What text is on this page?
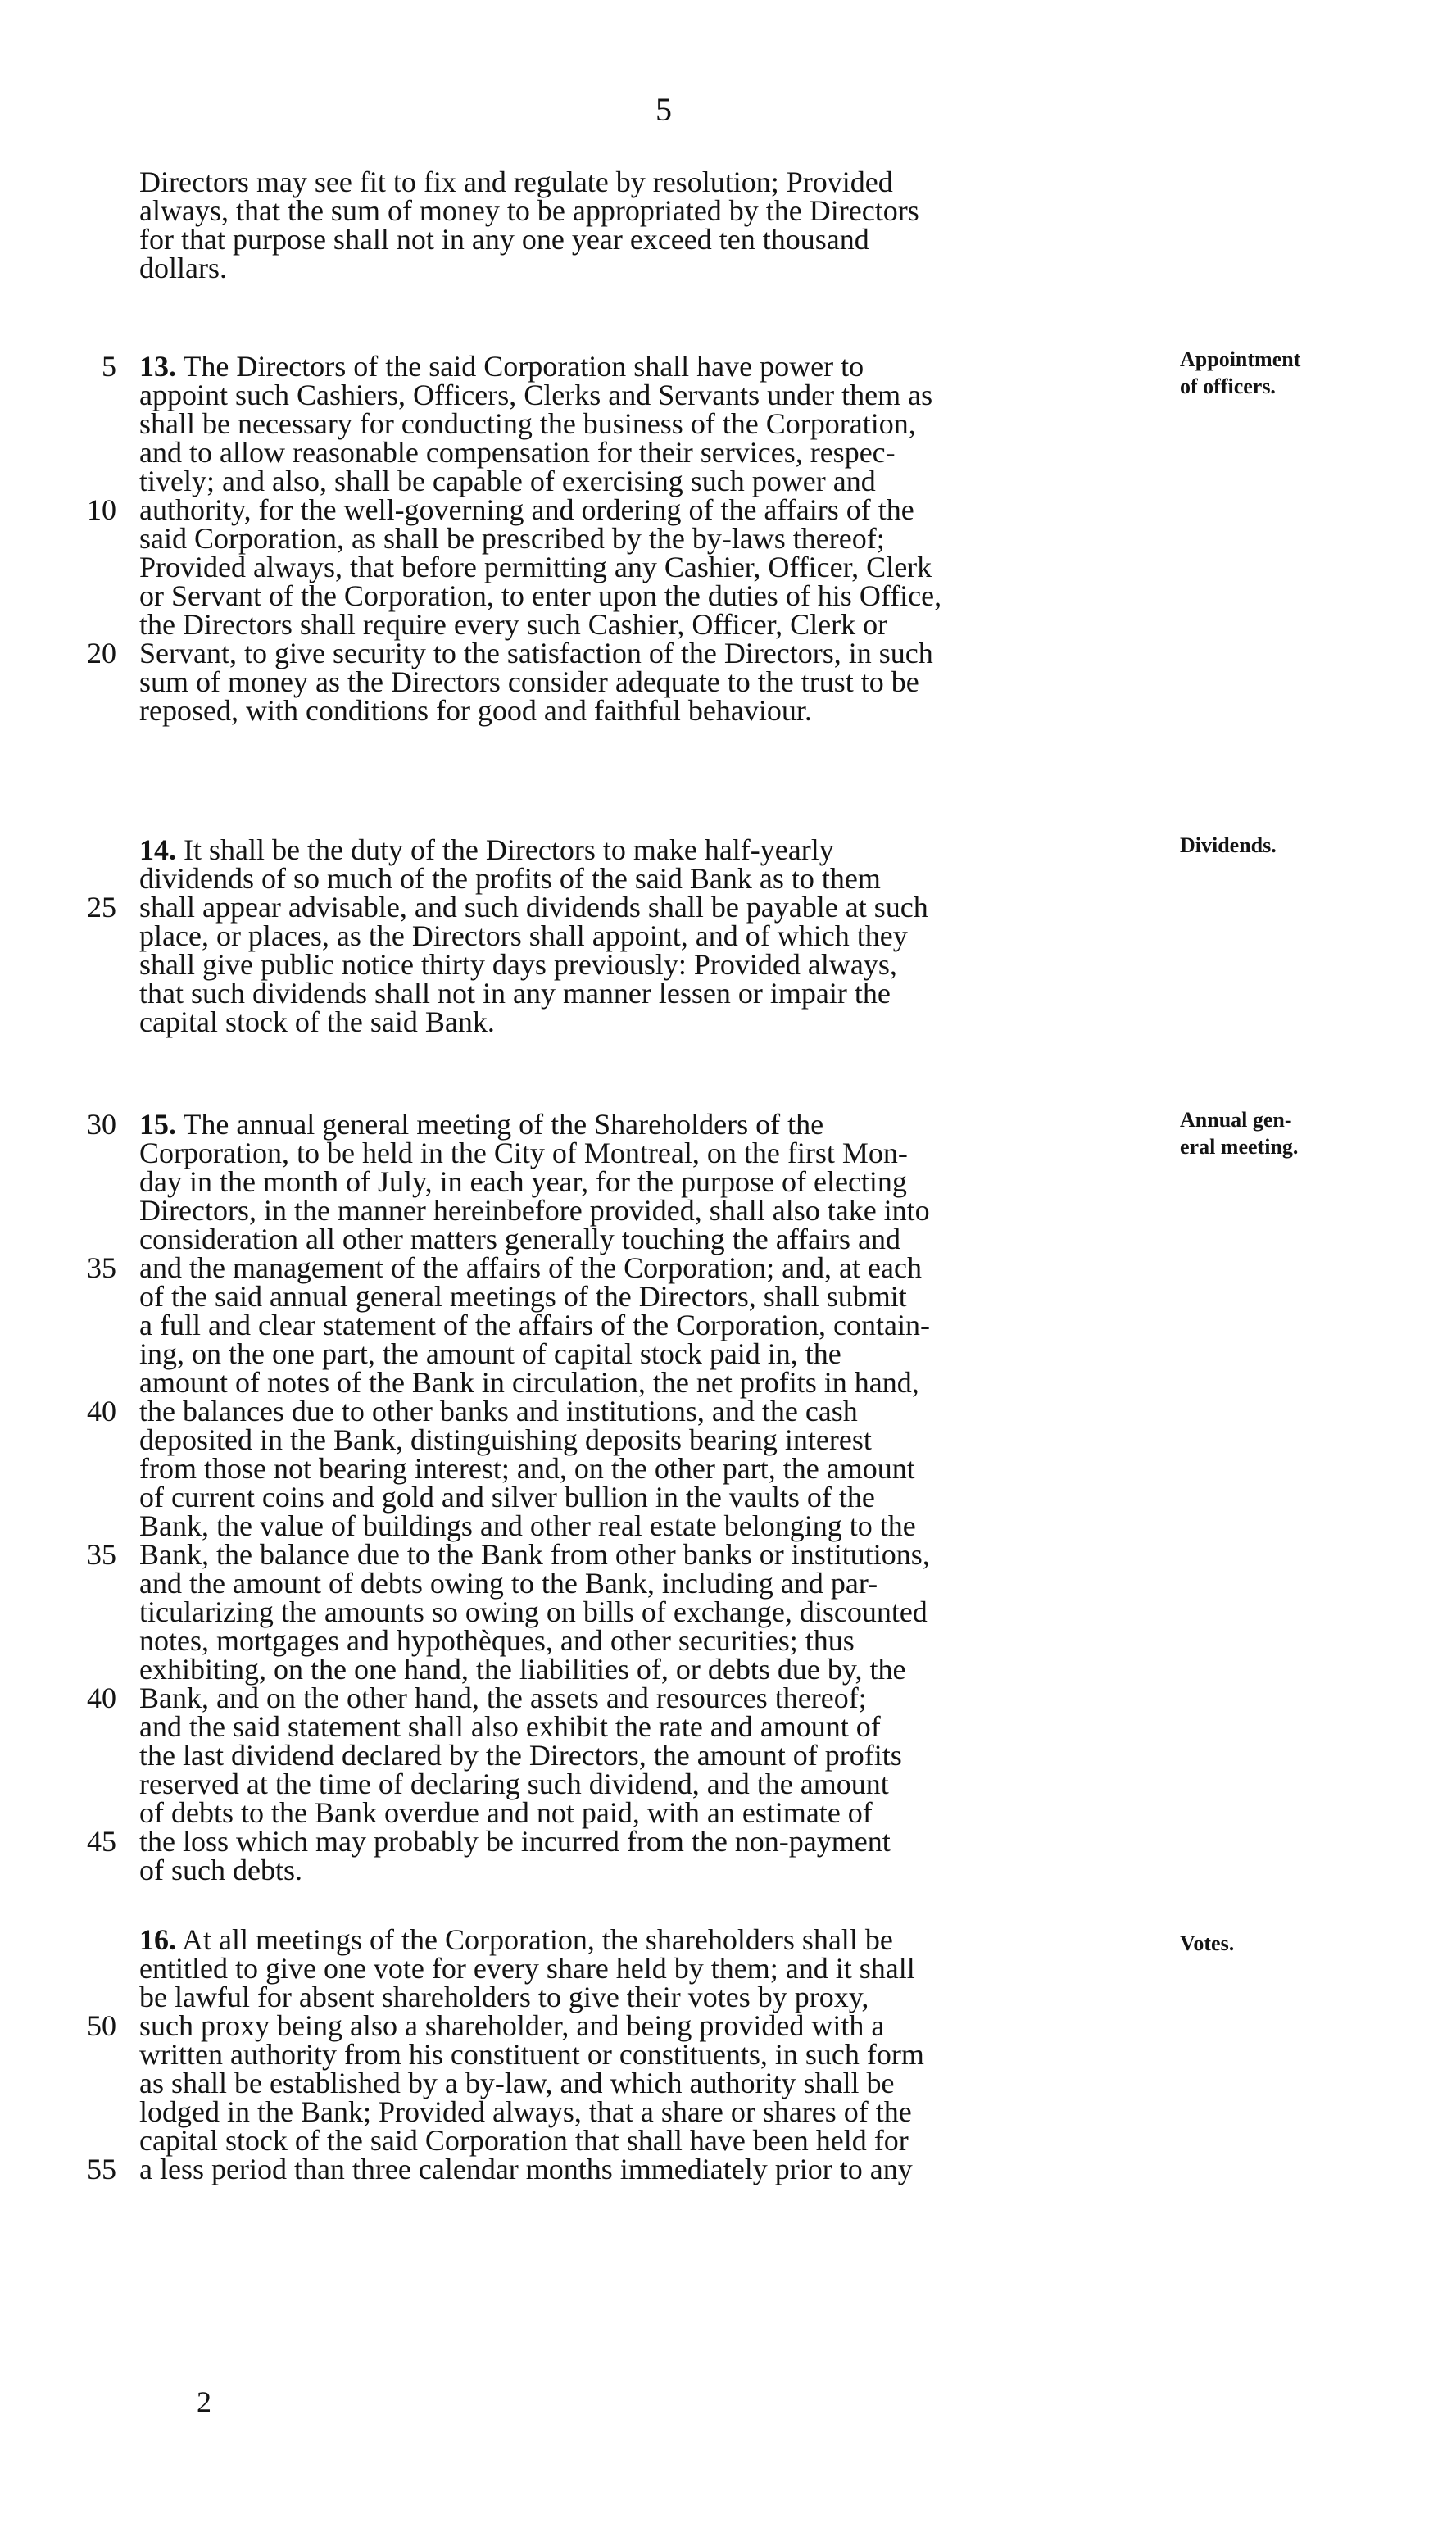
5
Directors may see fit to fix and regulate by resolution; Provided
always, that the sum of money to be appropriated by the Directors
for that purpose shall not in any one year exceed ten thousand
dollars.
5 13. The Directors of the said Corporation shall have power to
appoint such Cashiers, Officers, Clerks and Servants under them as
shall be necessary for conducting the business of the Corporation,
and to allow reasonable compensation for their services, respec-
tively; and also, shall be capable of exercising such power and
10 authority, for the well-governing and ordering of the affairs of the
said Corporation, as shall be prescribed by the by-laws thereof;
Provided always, that before permitting any Cashier, Officer, Clerk
or Servant of the Corporation, to enter upon the duties of his Office,
the Directors shall require every such Cashier, Officer, Clerk or
20 Servant, to give security to the satisfaction of the Directors, in such
sum of money as the Directors consider adequate to the trust to be
reposed, with conditions for good and faithful behaviour.
14. It shall be the duty of the Directors to make half-yearly
dividends of so much of the profits of the said Bank as to them
25 shall appear advisable, and such dividends shall be payable at such
place, or places, as the Directors shall appoint, and of which they
shall give public notice thirty days previously: Provided always,
that such dividends shall not in any manner lessen or impair the
capital stock of the said Bank.
30 15. The annual general meeting of the Shareholders of the
Corporation, to be held in the City of Montreal, on the first Mon-
day in the month of July, in each year, for the purpose of electing
Directors, in the manner hereinbefore provided, shall also take into
consideration all other matters generally touching the affairs and
35 and the management of the affairs of the Corporation; and, at each
of the said annual general meetings of the Directors, shall submit
a full and clear statement of the affairs of the Corporation, contain-
ing, on the one part, the amount of capital stock paid in, the
amount of notes of the Bank in circulation, the net profits in hand,
40 the balances due to other banks and institutions, and the cash
deposited in the Bank, distinguishing deposits bearing interest
from those not bearing interest; and, on the other part, the amount
of current coins and gold and silver bullion in the vaults of the
Bank, the value of buildings and other real estate belonging to the
35 Bank, the balance due to the Bank from other banks or institutions,
and the amount of debts owing to the Bank, including and par-
ticularizing the amounts so owing on bills of exchange, discounted
notes, mortgages and hypothèques, and other securities; thus
exhibiting, on the one hand, the liabilities of, or debts due by, the
40 Bank, and on the other hand, the assets and resources thereof;
and the said statement shall also exhibit the rate and amount of
the last dividend declared by the Directors, the amount of profits
reserved at the time of declaring such dividend, and the amount
of debts to the Bank overdue and not paid, with an estimate of
45 the loss which may probably be incurred from the non-payment
of such debts.
16. At all meetings of the Corporation, the shareholders shall be
entitled to give one vote for every share held by them; and it shall
be lawful for absent shareholders to give their votes by proxy,
50 such proxy being also a shareholder, and being provided with a
written authority from his constituent or constituents, in such form
as shall be established by a by-law, and which authority shall be
lodged in the Bank; Provided always, that a share or shares of the
capital stock of the said Corporation that shall have been held for
55 a less period than three calendar months immediately prior to any
Appointment
of officers.
Dividends.
Annual gen-
eral meeting.
Votes.
2
